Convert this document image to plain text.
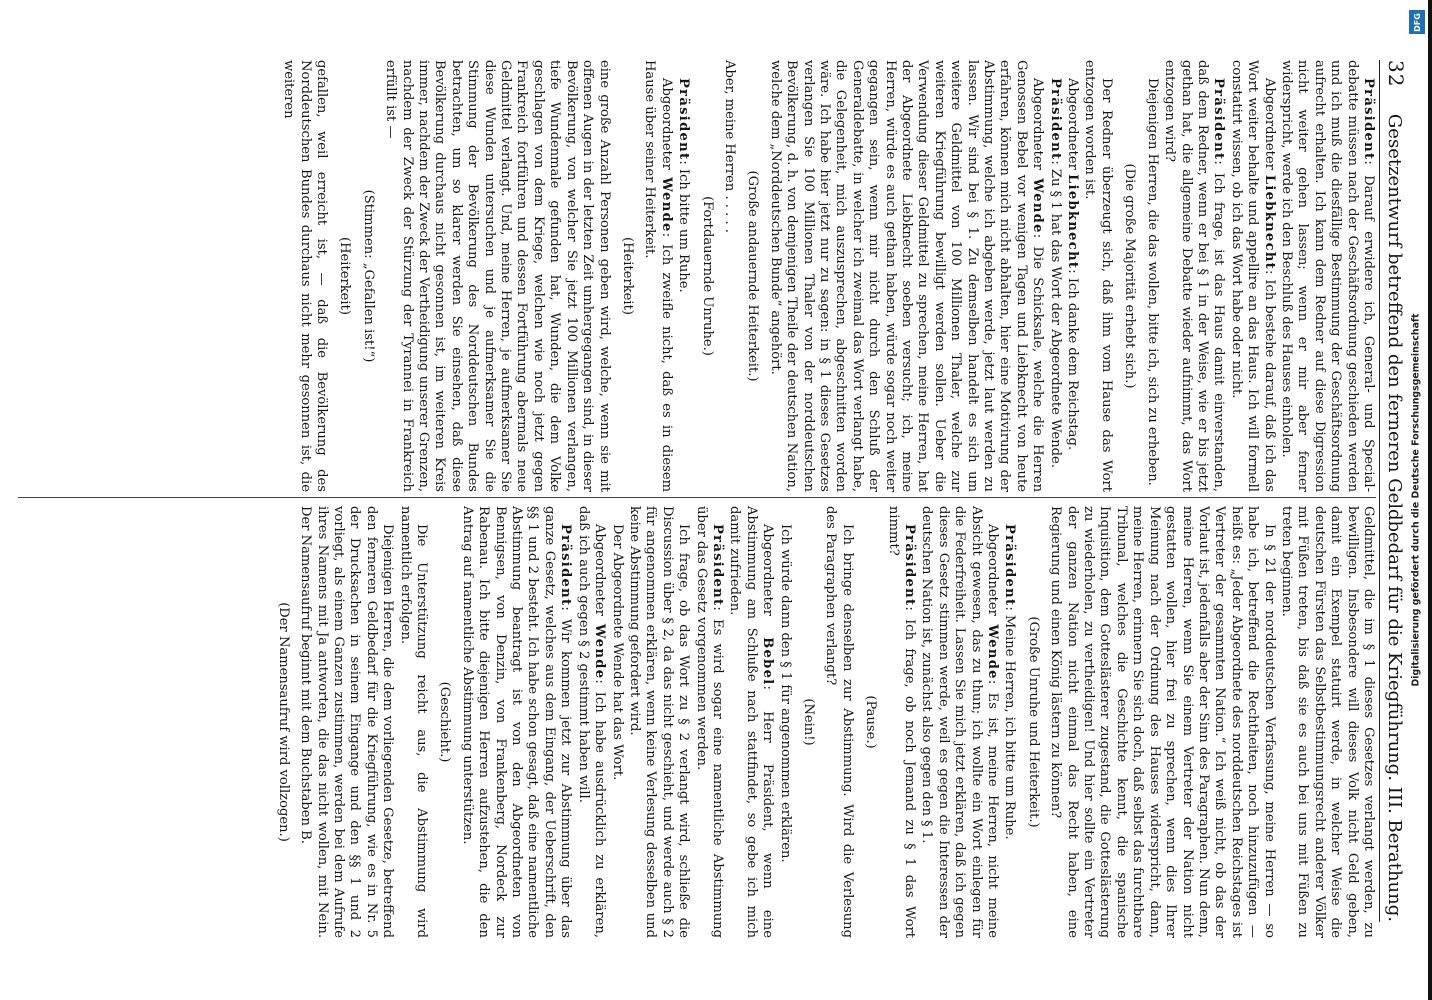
32
Gesetzentwurf betreffend den ferneren Geldbedarf für die Kriegführung. III. Berathung.

Präsident: Darauf erwidere ich, General- und Special-debatte müssen nach der Geschäftsordnung geschieden werden und ich muß die diesfällige Bestimmung der Geschäftsordnung aufrecht erhalten. Ich kann dem Redner auf diese Digression nicht weiter gehen lassen; wenn er mir aber ferner widerspricht, werde ich den Beschluß des Hauses einholen.

Abgeordneter Liebknecht: Ich bestehe darauf, daß ich das Wort weiter behalte und appellire an das Haus. Ich will formell constatirt wissen, ob ich das Wort habe oder nicht.

Präsident: Ich frage, ist das Haus damit einverstanden, daß dem Redner, wenn er bei § 1 in der Weise, wie er bis jetzt gethan hat, die allgemeine Debatte wieder aufnimmt, das Wort entzogen wird?

Diejenigen Herren, die das wollen, bitte ich, sich zu erheben.

(Die große Majorität erhebt sich.)

Der Redner überzeugt sich, daß ihm vom Hause das Wort entzogen worden ist.

Abgeordneter Liebknecht: Ich danke dem Reichstag.

Präsident: Zu § 1 hat das Wort der Abgeordnete Wende.

Abgeordneter Wende: Die Schicksale, welche die Herren Genossen Bebel vor wenigen Tagen und Liebknecht von heute erfahren, können mich nicht abhalten, hier eine Motivirung der Abstimmung, welche ich abgeben werde, jetzt laut werden zu lassen. Wir sind bei § 1. Zu demselben handelt es sich um weitere Geldmittel von 100 Millionen Thaler, welche zur weiteren Kriegführung bewilligt werden sollen. Ueber die Verwendung dieser Geldmittel zu sprechen, meine Herren, hat der Abgeordnete Liebknecht soeben versucht; ich, meine Herren, würde es auch gethan haben, würde sogar noch weiter gegangen sein, wenn mir nicht durch den Schluß der Generaldebatte, in welcher ich zweimal das Wort verlangt habe, die Gelegenheit, mich auszusprechen, abgeschnitten worden wäre. Ich habe hier jetzt nur zu sagen: in § 1 dieses Gesetzes verlangen Sie 100 Millionen Thaler von der norddeutschen Bevölkerung, d. h. von demjenigen Theile der deutschen Nation, welche dem „Norddeutschen Bunde“ angehört.

(Große andauernde Heiterkeit.)

Aber, meine Herren . . . . .

(Fortdauernde Unruhe.)

Präsident: Ich bitte um Ruhe.

Abgeordneter Wende: Ich zweifle nicht, daß es in diesem Hause über seiner Heiterkeit.

(Heiterkeit)

eine große Anzahl Personen geben wird, welche, wenn sie mit offenen Augen in der letzten Zeit umhergegangen sind, in dieser Bevölkerung, von welcher Sie jetzt 100 Millionen verlangen, tiefe Wundenmale gefunden hat, Wunden, die dem Volke geschlagen von dem Kriege, welchen wie noch jetzt gegen Frankreich fortführen und dessen Fortführung abermals neue Geldmittel verlangt. Und, meine Herren, je aufmerksamer Sie diese Wunden untersuchen und je aufmerksamer Sie die Stimmung der Bevölkerung des Norddeutschen Bundes betrachten, um so klarer werden Sie einsehen, daß diese Bevölkerung durchaus nicht gesonnen ist, im weiteren Kreis immer, nachdem der Zweck der Vertheidigung unserer Grenzen, nachdem der Zweck der Stürzung der Tyrannei in Frankreich erfüllt ist —

(Stimmen: „Gefallen ist!“)

(Heiterkeit)

gefallen, weil erreicht ist, — daß die Bevölkerung des Norddeutschen Bundes durchaus nicht mehr gesonnen ist, die weiteren

Geldmittel, die im § 1 dieses Gesetzes verlangt werden, zu bewilligen. Insbesondere will dieses Volk nicht Geld geben, damit ein Exempel statuirt werde, in welcher Weise die deutschen Fürsten das Selbstbestimmungsrecht anderer Völker mit Füßen treten, bis daß sie es auch bei uns mit Füßen zu treten beginnen.

In § 21 der norddeutschen Verfassung, meine Herren — so habe ich, betreffend die Rechtheiten, noch hinzuzufügen — heißt es: „Jeder Abgeordnete des norddeutschen Reichstages ist Vertreter der gesammten Nation.“ Ich weiß nicht, ob das der Vorlaut ist, jedenfalls aber der Sinn des Paragraphen. Nun denn, meine Herren, wenn Sie einem Vertreter der Nation nicht gestatten wollen, hier frei zu sprechen, wenn dies Ihrer Meinung nach der Ordnung des Hauses widerspricht, dann, meine Herren, erinnern Sie sich doch, daß selbst das furchtbare Tribunal, welches die Geschichte kennt, die spanische Inquisition, dem Gotteslästerer zugestand, die Gotteslästerung zu wiederholen, zu vertheidigen! Und hier sollte ein Vertreter der ganzen Nation nicht einmal das Recht haben, eine Regierung und einen König lästern zu können?

(Große Unruhe und Heiterkeit.)

Präsident: Meine Herren, ich bitte um Ruhe.

Abgeordneter Wende: Es ist, meine Herren, nicht meine Absicht gewesen, das zu thun; ich wollte ein Wort einlegen für die Federfreiheit. Lassen Sie mich jetzt erklären, daß ich gegen dieses Gesetz stimmen werde, weil es gegen die Interessen der deutschen Nation ist, zunächst also gegen den § 1.

Präsident: Ich frage, ob noch Jemand zu § 1 das Wort nimmt?

(Pause.)

Ich bringe denselben zur Abstimmung. Wird die Verlesung des Paragraphen verlangt?

(Nein!)

Ich würde dann den § 1 für angenommen erklären.

Abgeordneter Bebel: Herr Präsident, wenn eine Abstimmung am Schluße nach stattfindet, so gebe ich mich damit zufrieden.

Präsident: Es wird sogar eine namentliche Abstimmung über das Gesetz vorgenommen werden.

Ich frage, ob das Wort zu § 2 verlangt wird, schließe die Discussion über § 2, da das nicht geschieht, und werde auch § 2 für angenommen erklären, wenn keine Verlesung desselben und keine Abstimmung gefordert wird.

Der Abgeordnete Wende hat das Wort.

Abgeordneter Wende: Ich habe ausdrücklich zu erklären, daß ich auch gegen § 2 gestimmt haben will.

Präsident: Wir kommen jetzt zur Abstimmung über das ganze Gesetz, welches aus dem Eingang, der Ueberschrift, den §§ 1 und 2 besteht. Ich habe schon gesagt, daß eine namentliche Abstimmung beantragt ist von den Abgeordneten von Bennigsen, von Denzin, von Frankenberg, Nordeck zur Rabenau. Ich bitte diejenigen Herren aufzustehen, die den Antrag auf namentliche Abstimmung unterstützen.

(Geschieht.)

Die Unterstützung reicht aus, die Abstimmung wird namentlich erfolgen.

Diejenigen Herren, die dem vorliegenden Gesetze, betreffend den ferneren Geldbedarf für die Kriegführung, wie es in Nr. 5 der Drucksachen in seinem Eingange und den §§ 1 und 2 vorliegt, als einem Ganzen zustimmen, werden bei dem Aufrufe ihres Namens mit Ja antworten, die das nicht wollen, mit Nein. Der Namensaufruf beginnt mit dem Buchstaben B.

(Der Namensaufruf wird vollzogen.)

DFG
Digitalisierung gefördert durch die Deutsche Forschungsgemeinschaft
